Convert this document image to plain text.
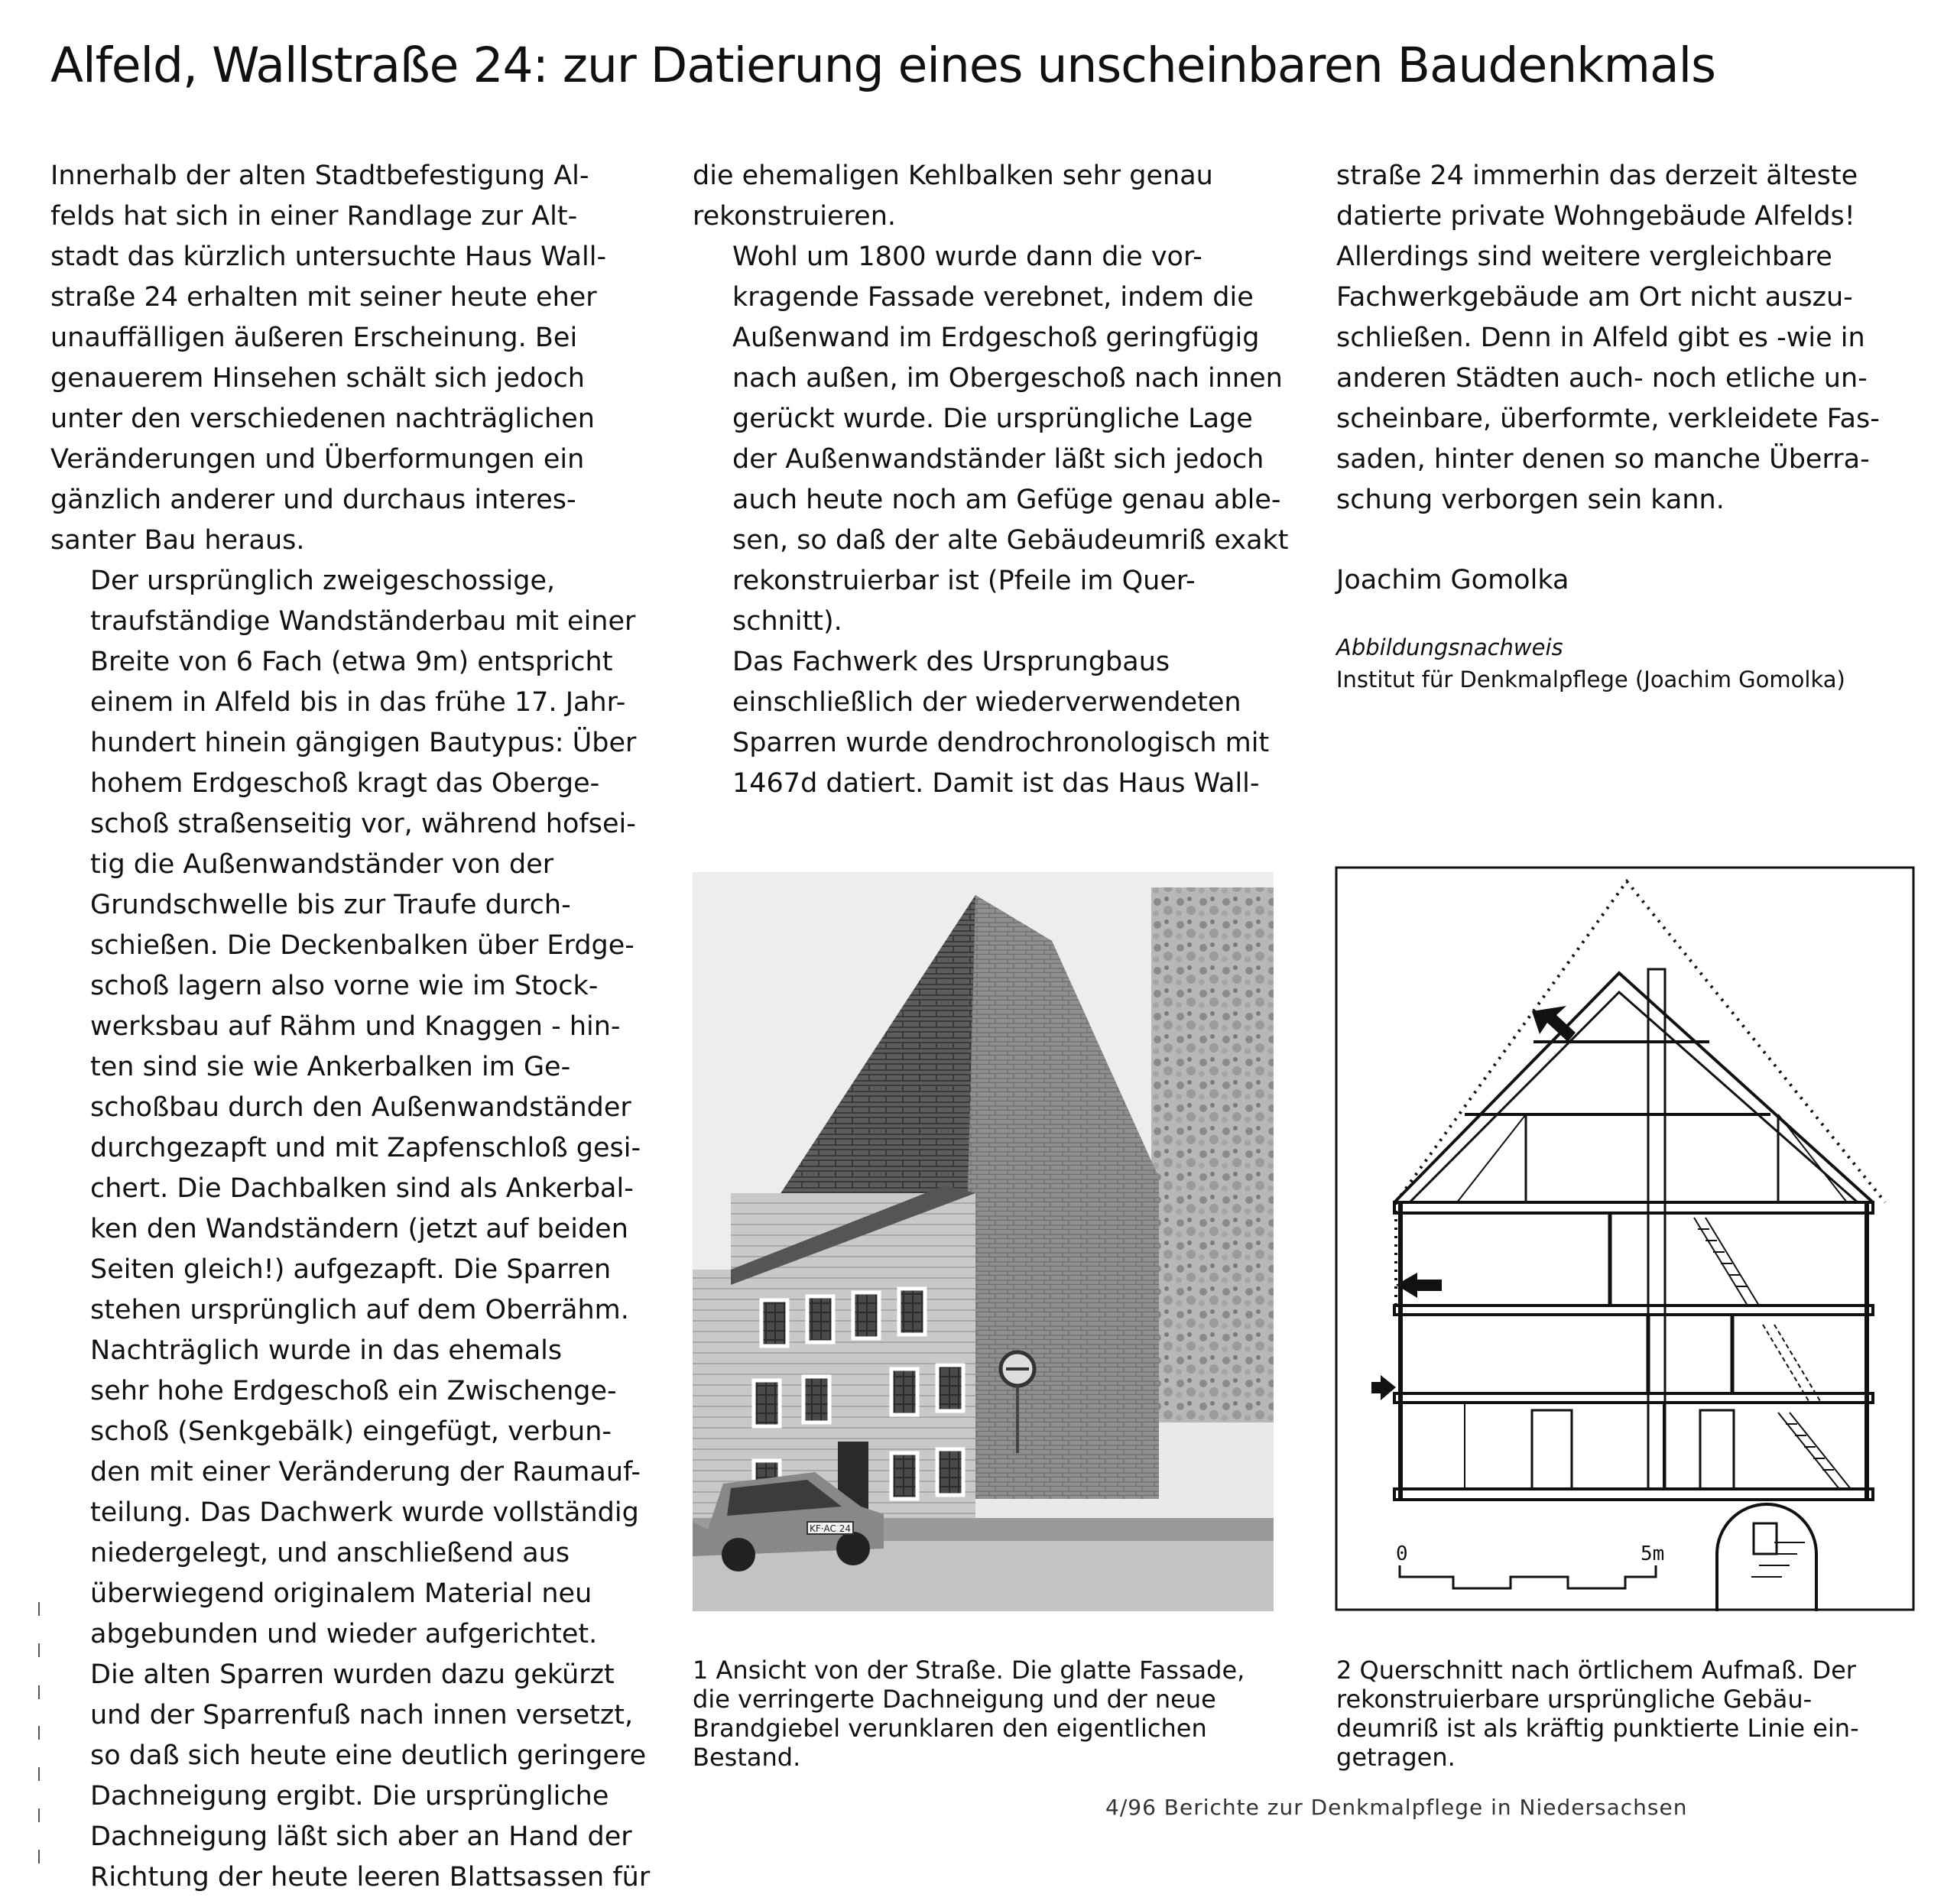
Alfeld, Wallstraße 24: zur Datierung eines unscheinbaren Baudenkmals

Innerhalb der alten Stadtbefestigung Al-
felds hat sich in einer Randlage zur Alt-
stadt das kürzlich untersuchte Haus Wall-
straße 24 erhalten mit seiner heute eher
unauffälligen äußeren Erscheinung. Bei
genauerem Hinsehen schält sich jedoch
unter den verschiedenen nachträglichen
Veränderungen und Überformungen ein
gänzlich anderer und durchaus interes-
santer Bau heraus.

Der ursprünglich zweigeschossige,
traufständige Wandständerbau mit einer
Breite von 6 Fach (etwa 9m) entspricht
einem in Alfeld bis in das frühe 17. Jahr-
hundert hinein gängigen Bautypus: Über
hohem Erdgeschoß kragt das Oberge-
schoß straßenseitig vor, während hofsei-
tig die Außenwandständer von der
Grundschwelle bis zur Traufe durch-
schießen. Die Deckenbalken über Erdge-
schoß lagern also vorne wie im Stock-
werksbau auf Rähm und Knaggen - hin-
ten sind sie wie Ankerbalken im Ge-
schoßbau durch den Außenwandständer
durchgezapft und mit Zapfenschloß gesi-
chert. Die Dachbalken sind als Ankerbal-
ken den Wandständern (jetzt auf beiden
Seiten gleich!) aufgezapft. Die Sparren
stehen ursprünglich auf dem Oberrähm.

Nachträglich wurde in das ehemals
sehr hohe Erdgeschoß ein Zwischenge-
schoß (Senkgebälk) eingefügt, verbun-
den mit einer Veränderung der Raumauf-
teilung. Das Dachwerk wurde vollständig
niedergelegt, und anschließend aus
überwiegend originalem Material neu
abgebunden und wieder aufgerichtet.
Die alten Sparren wurden dazu gekürzt
und der Sparrenfuß nach innen versetzt,
so daß sich heute eine deutlich geringere
Dachneigung ergibt. Die ursprüngliche
Dachneigung läßt sich aber an Hand der
Richtung der heute leeren Blattsassen für

die ehemaligen Kehlbalken sehr genau
rekonstruieren.

Wohl um 1800 wurde dann die vor-
kragende Fassade verebnet, indem die
Außenwand im Erdgeschoß geringfügig
nach außen, im Obergeschoß nach innen
gerückt wurde. Die ursprüngliche Lage
der Außenwandständer läßt sich jedoch
auch heute noch am Gefüge genau able-
sen, so daß der alte Gebäudeumriß exakt
rekonstruierbar ist (Pfeile im Quer-
schnitt).

Das Fachwerk des Ursprungbaus
einschließlich der wiederverwendeten
Sparren wurde dendrochronologisch mit
1467d datiert. Damit ist das Haus Wall-

straße 24 immerhin das derzeit älteste
datierte private Wohngebäude Alfelds!
Allerdings sind weitere vergleichbare
Fachwerkgebäude am Ort nicht auszu-
schließen. Denn in Alfeld gibt es -wie in
anderen Städten auch- noch etliche un-
scheinbare, überformte, verkleidete Fas-
saden, hinter denen so manche Überra-
schung verborgen sein kann.

Joachim Gomolka

Abbildungsnachweis
Institut für Denkmalpflege (Joachim Gomolka)

KF·AC 24
0	5m

1 Ansicht von der Straße. Die glatte Fassade,
die verringerte Dachneigung und der neue
Brandgiebel verunklaren den eigentlichen
Bestand.

2 Querschnitt nach örtlichem Aufmaß. Der
rekonstruierbare ursprüngliche Gebäu-
deumriß ist als kräftig punktierte Linie ein-
getragen.

4/96 Berichte zur Denkmalpflege in Niedersachsen
